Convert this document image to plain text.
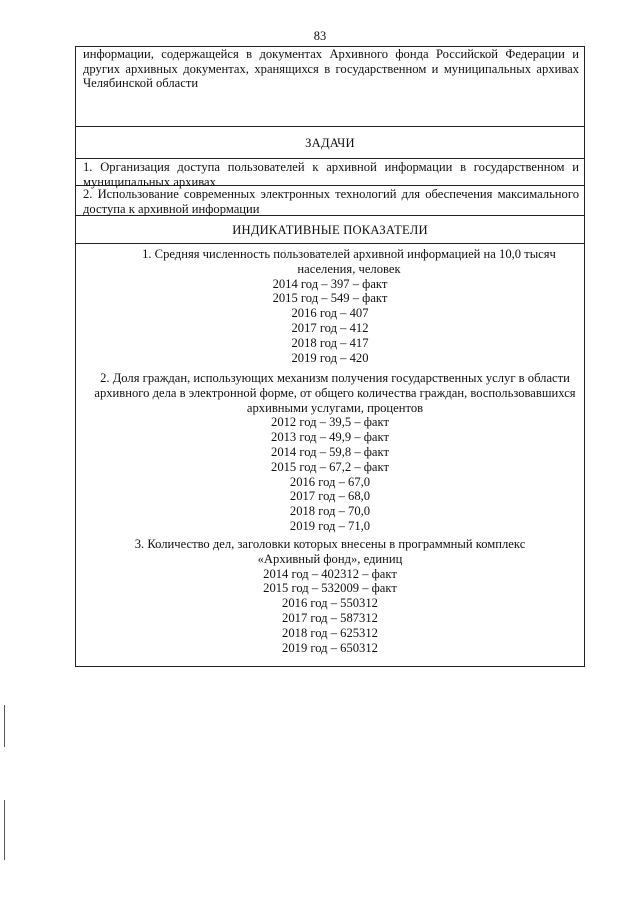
83
информации, содержащейся в документах Архивного фонда Российской Федерации и других архивных документах, хранящихся в государственном и муниципальных архивах Челябинской области
ЗАДАЧИ
1. Организация доступа пользователей к архивной информации в государственном и муниципальных архивах
2. Использование современных электронных технологий для обеспечения максимального доступа к архивной информации
ИНДИКАТИВНЫЕ ПОКАЗАТЕЛИ
1. Средняя численность пользователей архивной информацией на 10,0 тысяч населения, человек
2014 год – 397 – факт
2015 год – 549 – факт
2016 год – 407
2017 год – 412
2018 год – 417
2019 год – 420
2. Доля граждан, использующих механизм получения государственных услуг в области архивного дела в электронной форме, от общего количества граждан, воспользовавшихся архивными услугами, процентов
2012 год – 39,5 – факт
2013 год – 49,9 – факт
2014 год – 59,8 – факт
2015 год – 67,2 – факт
2016 год – 67,0
2017 год – 68,0
2018 год – 70,0
2019 год – 71,0
3. Количество дел, заголовки которых внесены в программный комплекс «Архивный фонд», единиц
2014 год – 402312 – факт
2015 год – 532009 – факт
2016 год – 550312
2017 год – 587312
2018 год – 625312
2019 год – 650312
